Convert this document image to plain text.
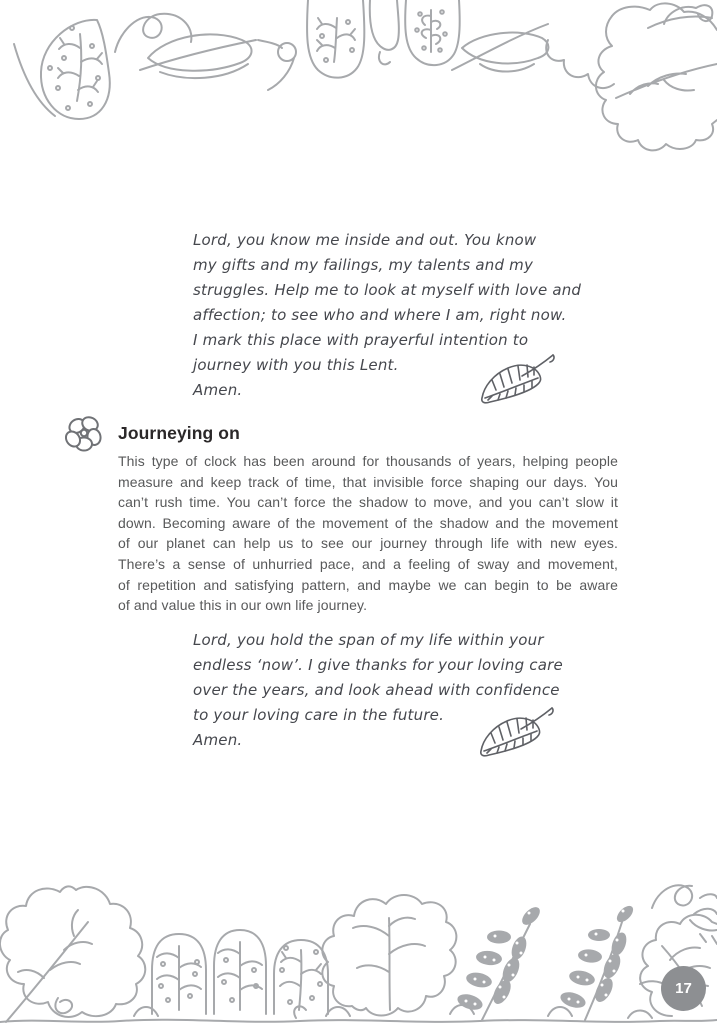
Lord, you know me inside and out. You know
my gifts and my failings, my talents and my
struggles. Help me to look at myself with love and
affection; to see who and where I am, right now.
I mark this place with prayerful intention to
journey with you this Lent.
Amen.
Journeying on
This type of clock has been around for thousands of years, helping people
measure and keep track of time, that invisible force shaping our days. You
can’t rush time. You can’t force the shadow to move, and you can’t slow it
down. Becoming aware of the movement of the shadow and the movement
of our planet can help us to see our journey through life with new eyes.
There’s a sense of unhurried pace, and a feeling of sway and movement,
of repetition and satisfying pattern, and maybe we can begin to be aware
of and value this in our own life journey.
Lord, you hold the span of my life within your
endless ‘now’. I give thanks for your loving care
over the years, and look ahead with confidence
to your loving care in the future.
Amen.
17
